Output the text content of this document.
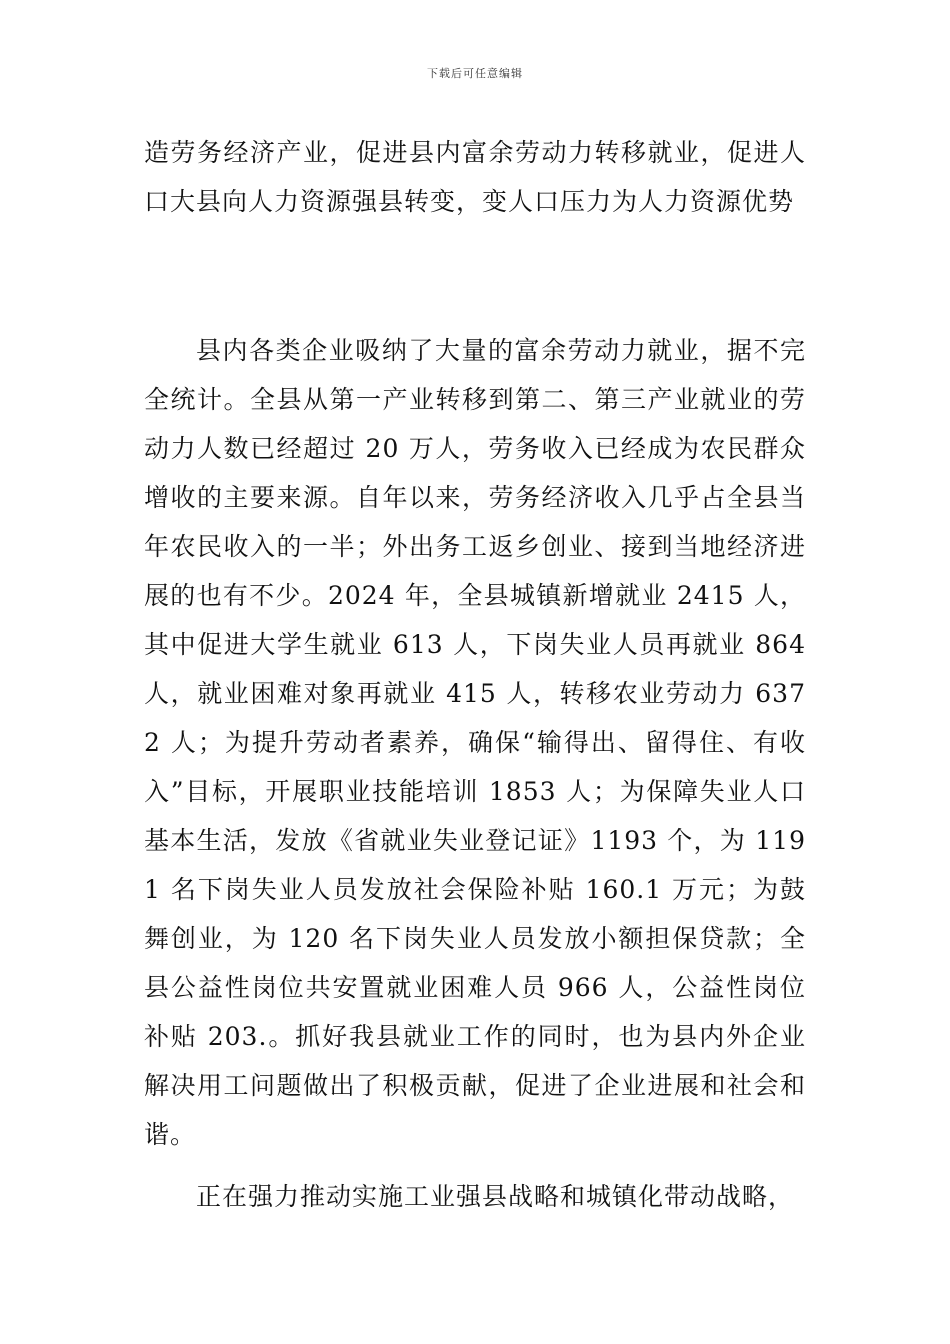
下载后可任意编辑
造劳务经济产业，促进县内富余劳动力转移就业，促进人口大县向人力资源强县转变，变人口压力为人力资源优势
县内各类企业吸纳了大量的富余劳动力就业，据不完全统计。全县从第一产业转移到第二、第三产业就业的劳动力人数已经超过 20 万人，劳务收入已经成为农民群众增收的主要来源。自年以来，劳务经济收入几乎占全县当年农民收入的一半；外出务工返乡创业、接到当地经济进展的也有不少。2024 年，全县城镇新增就业 2415 人，其中促进大学生就业 613 人，下岗失业人员再就业 864 人，就业困难对象再就业 415 人，转移农业劳动力 6372 人；为提升劳动者素养，确保“输得出、留得住、有收入”目标，开展职业技能培训 1853 人；为保障失业人口基本生活，发放《省就业失业登记证》1193 个，为 1191 名下岗失业人员发放社会保险补贴 160.1 万元；为鼓舞创业，为 120 名下岗失业人员发放小额担保贷款；全县公益性岗位共安置就业困难人员 966 人，公益性岗位补贴 203.。抓好我县就业工作的同时，也为县内外企业解决用工问题做出了积极贡献，促进了企业进展和社会和谐。
正在强力推动实施工业强县战略和城镇化带动战略，
